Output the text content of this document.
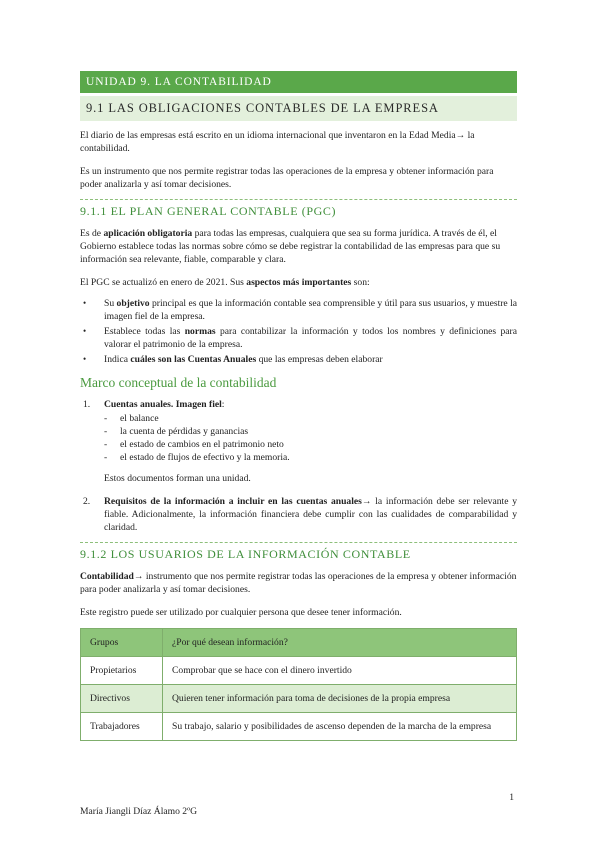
UNIDAD 9. LA CONTABILIDAD
9.1 LAS OBLIGACIONES CONTABLES DE LA EMPRESA

El diario de las empresas está escrito en un idioma internacional que inventaron en la Edad Media→ la contabilidad.

Es un instrumento que nos permite registrar todas las operaciones de la empresa y obtener información para poder analizarla y así tomar decisiones.

9.1.1 EL PLAN GENERAL CONTABLE (PGC)

Es de aplicación obligatoria para todas las empresas, cualquiera que sea su forma jurídica. A través de él, el Gobierno establece todas las normas sobre cómo se debe registrar la contabilidad de las empresas para que su información sea relevante, fiable, comparable y clara.

El PGC se actualizó en enero de 2021. Sus aspectos más importantes son:

• Su objetivo principal es que la información contable sea comprensible y útil para sus usuarios, y muestre la imagen fiel de la empresa.
• Establece todas las normas para contabilizar la información y todos los nombres y definiciones para valorar el patrimonio de la empresa.
• Indica cuáles son las Cuentas Anuales que las empresas deben elaborar
Marco conceptual de la contabilidad
1. Cuentas anuales. Imagen fiel:
- el balance
- la cuenta de pérdidas y ganancias
- el estado de cambios en el patrimonio neto
- el estado de flujos de efectivo y la memoria.
Estos documentos forman una unidad.
2. Requisitos de la información a incluir en las cuentas anuales→ la información debe ser relevante y fiable. Adicionalmente, la información financiera debe cumplir con las cualidades de comparabilidad y claridad.
9.1.2 LOS USUARIOS DE LA INFORMACIÓN CONTABLE

Contabilidad→ instrumento que nos permite registrar todas las operaciones de la empresa y obtener información para poder analizarla y así tomar decisiones.

Este registro puede ser utilizado por cualquier persona que desee tener información.

Grupos	¿Por qué desean información?
Propietarios	Comprobar que se hace con el dinero invertido
Directivos	Quieren tener información para toma de decisiones de la propia empresa
Trabajadores	Su trabajo, salario y posibilidades de ascenso dependen de la marcha de la empresa
1
María Jiangli Díaz Álamo 2ºG
